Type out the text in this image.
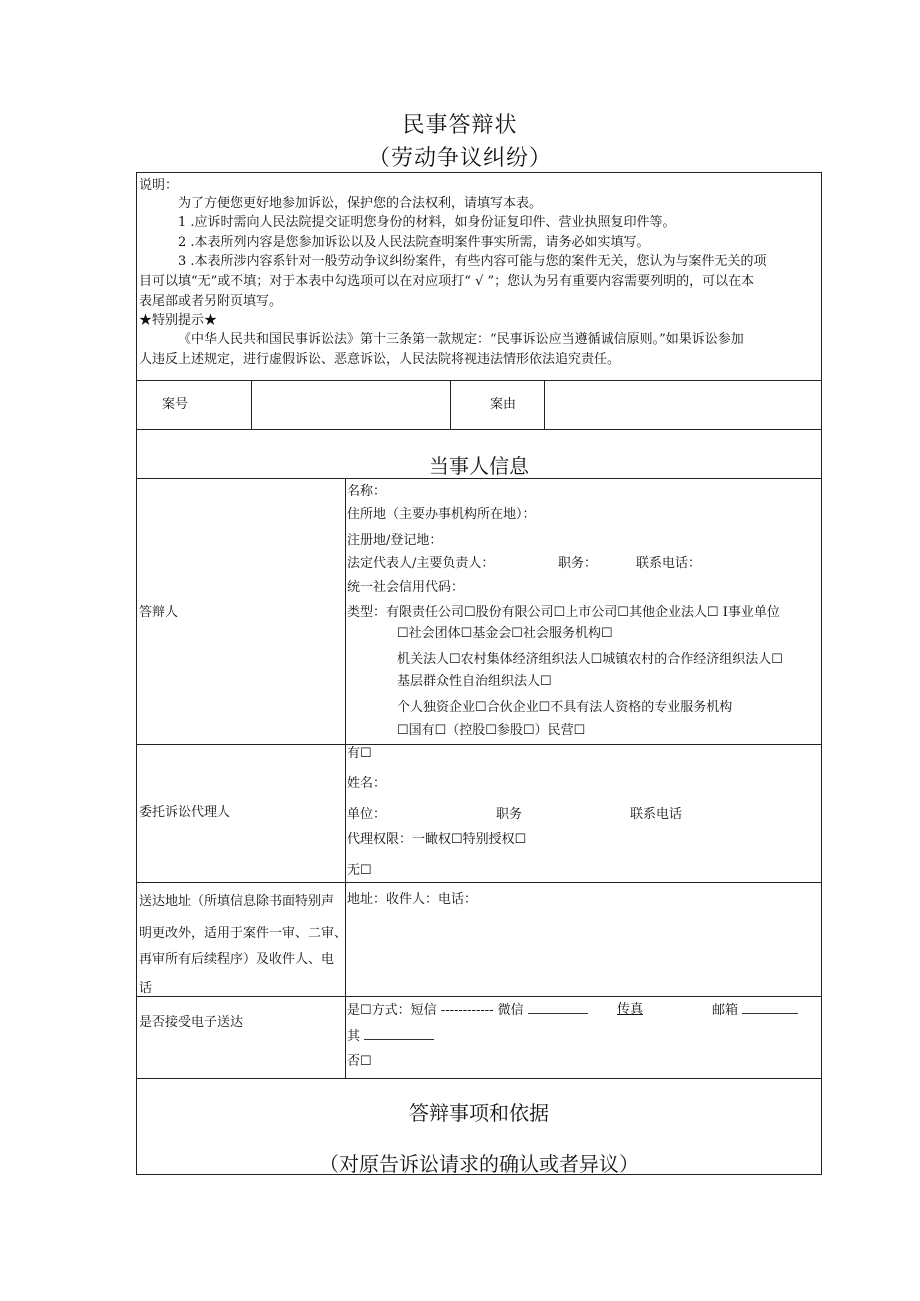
民事答辩状
（劳动争议纠纷）
说明：
为了方便您更好地参加诉讼，保护您的合法权利，请填写本表。
1 .应诉时需向人民法院提交证明您身份的材料，如身份证复印件、营业执照复印件等。
2 .本表所列内容是您参加诉讼以及人民法院查明案件事实所需，请务必如实填写。
3 .本表所涉内容系针对一般劳动争议纠纷案件，有些内容可能与您的案件无关，您认为与案件无关的项
目可以填“无”或不填；对于本表中勾选项可以在对应项打“ √ ”；您认为另有重要内容需要列明的，可以在本
表尾部或者另附页填写。
★特别提示★
《中华人民共和国民事诉讼法》第十三条第一款规定：“民事诉讼应当遵循诚信原则。”如果诉讼参加
人违反上述规定，进行虚假诉讼、恶意诉讼，人民法院将视违法情形依法追究责任。
案号	案由
当事人信息
答辩人
名称：
住所地（主要办事机构所在地）：
注册地/登记地：
法定代表人/主要负责人：	职务：	联系电话：
统一社会信用代码：
类型：有限责任公司☐股份有限公司☐上市公司☐其他企业法人☐ I事业单位
☐社会团体☐基金会☐社会服务机构☐
机关法人☐农村集体经济组织法人☐城镇农村的合作经济组织法人☐
基层群众性自治组织法人☐
个人独资企业☐合伙企业☐不具有法人资格的专业服务机构
☐国有☐（控股☐参股☐）民营☐
委托诉讼代理人
有☐
姓名：
单位：	职务	联系电话
代理权限：一瞰权☐特别授权☐
无☐
送达地址（所填信息除书面特别声
明更改外，适用于案件一审、二审、
再审所有后续程序）及收件人、电
话
地址：收件人：电话：
是否接受电子送达
是☐方式：短信 ------------ 微信	传真	邮箱
其
否☐
答辩事项和依据
（对原告诉讼请求的确认或者异议）
